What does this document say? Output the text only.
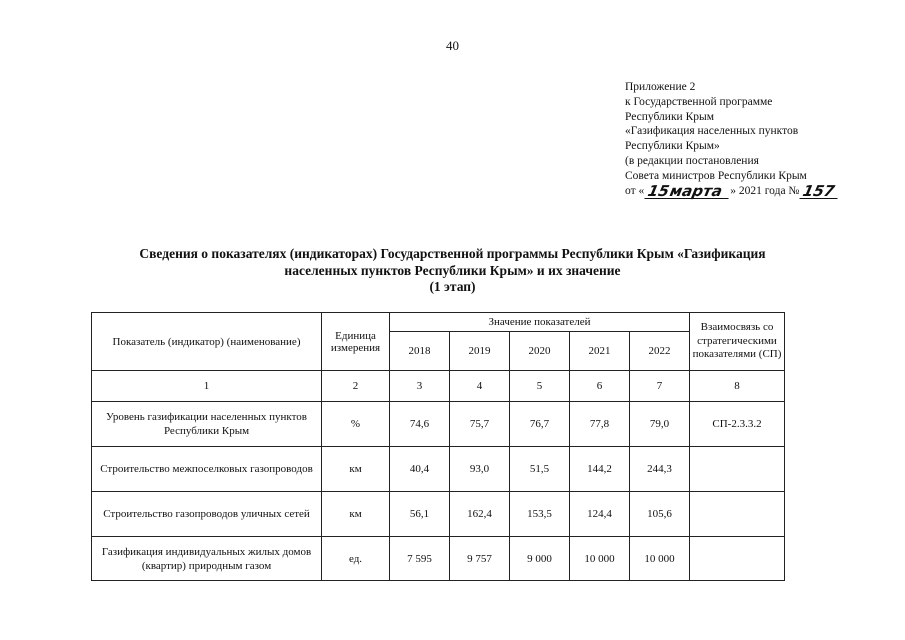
40
Приложение 2
к Государственной программе
Республики Крым
«Газификация населенных пунктов
Республики Крым»
(в редакции постановления
Совета министров Республики Крым
от « 15
марта » 2021 года № 157
Сведения о показателях (индикаторах) Государственной программы Республики Крым «Газификация
населенных пунктов Республики Крым» и их значение
(1 этап)
Показатель (индикатор) (наименование)	Единица измерения	Значение показателей					Взаимосвязь со стратегическими показателями (СП)
		2018	2019	2020	2021	2022	
1	2	3	4	5	6	7	8
Уровень газификации населенных пунктов Республики Крым	%	74,6	75,7	76,7	77,8	79,0	СП-2.3.3.2
Строительство межпоселковых газопроводов	км	40,4	93,0	51,5	144,2	244,3	
Строительство газопроводов уличных сетей	км	56,1	162,4	153,5	124,4	105,6	
Газификация индивидуальных жилых домов (квартир) природным газом	ед.	7 595	9 757	9 000	10 000	10 000	
